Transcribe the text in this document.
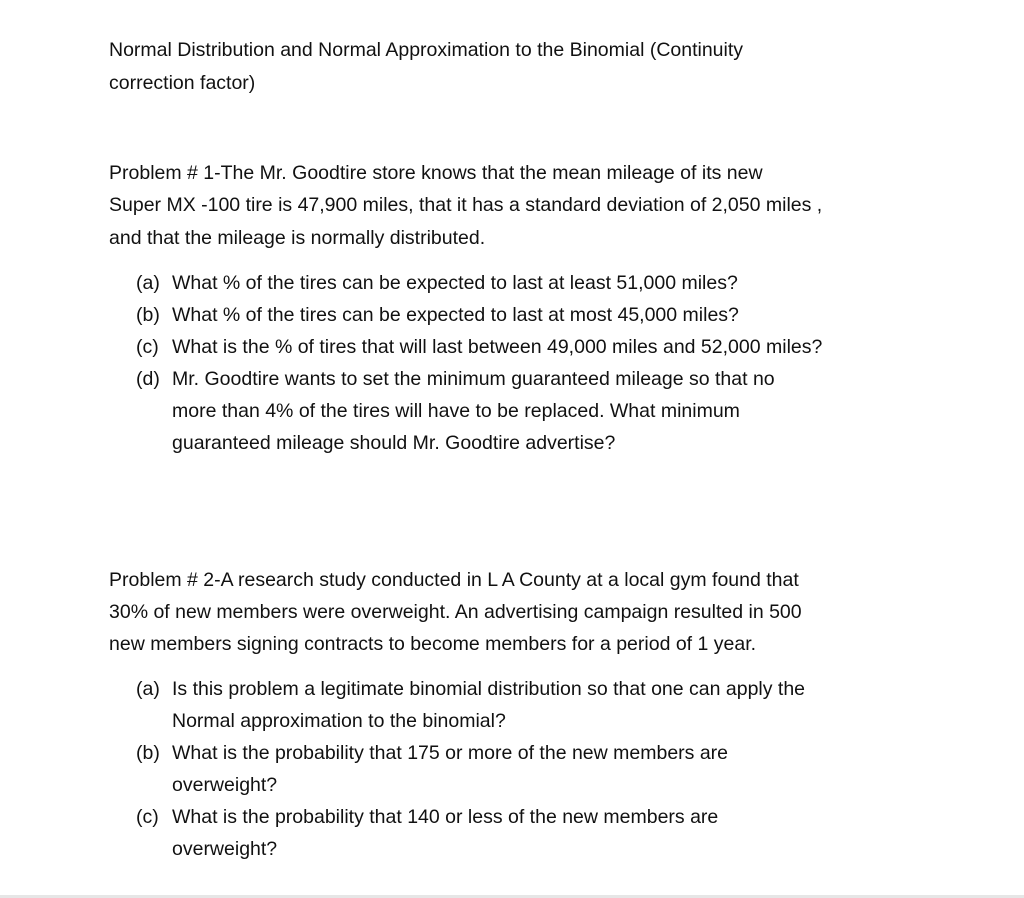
Normal Distribution and Normal Approximation to the Binomial (Continuity
correction factor)
Problem # 1-The Mr. Goodtire store knows that the mean mileage of its new
Super MX -100 tire is 47,900 miles, that it has a standard deviation of 2,050 miles ,
and that the mileage is normally distributed.
(a) What % of the tires can be expected to last at least 51,000 miles?
(b) What % of the tires can be expected to last at most 45,000 miles?
(c) What is the % of tires that will last between 49,000 miles and 52,000 miles?
(d) Mr. Goodtire wants to set the minimum guaranteed mileage so that no
more than 4% of the tires will have to be replaced. What minimum
guaranteed mileage should Mr. Goodtire advertise?
Problem # 2-A research study conducted in L A County at a local gym found that
30% of new members were overweight. An advertising campaign resulted in 500
new members signing contracts to become members for a period of 1 year.
(a) Is this problem a legitimate binomial distribution so that one can apply the
Normal approximation to the binomial?
(b) What is the probability that 175 or more of the new members are
overweight?
(c) What is the probability that 140 or less of the new members are
overweight?
